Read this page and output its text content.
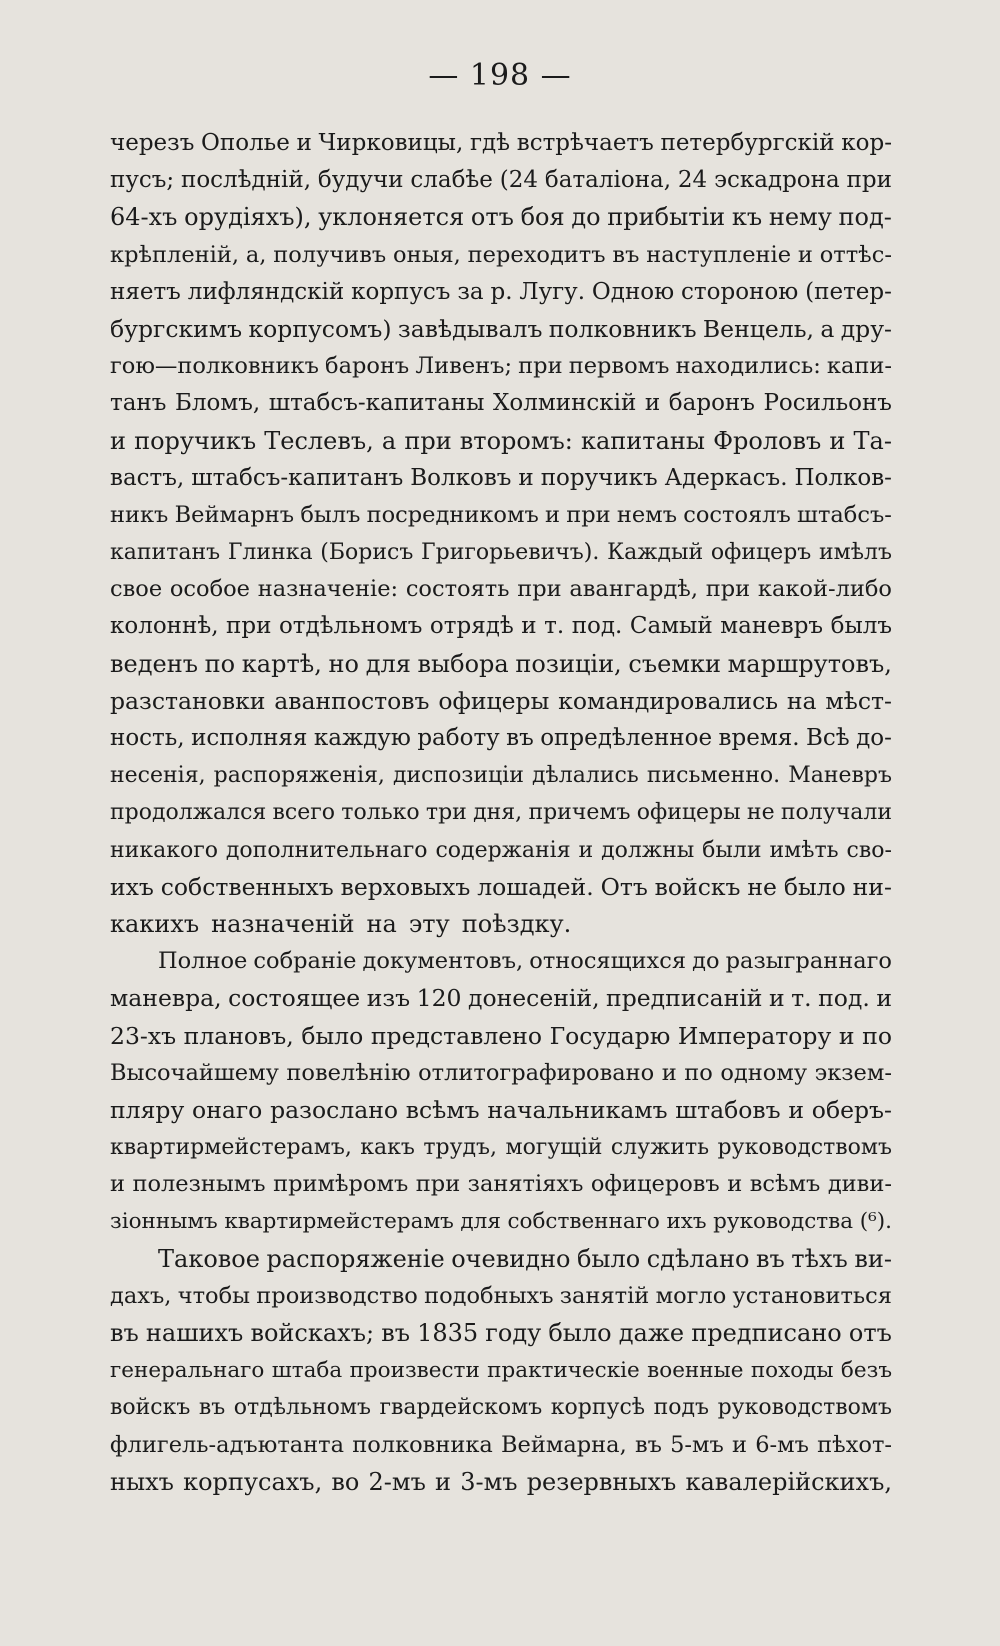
— 198 —
черезъ Ополье и Чирковицы, гдѣ встрѣчаетъ петербургскій кор-
пусъ; послѣдній, будучи слабѣе (24 баталіона, 24 эскадрона при
64-хъ орудіяхъ), уклоняется отъ боя до прибытіи къ нему под-
крѣпленій, а, получивъ оныя, переходитъ въ наступленіе и оттѣс-
няетъ лифляндскій корпусъ за р. Лугу. Одною стороною (петер-
бургскимъ корпусомъ) завѣдывалъ полковникъ Венцель, а дру-
гою—полковникъ баронъ Ливенъ; при первомъ находились: капи-
танъ Бломъ, штабсъ-капитаны Холминскій и баронъ Росильонъ
и поручикъ Теслевъ, а при второмъ: капитаны Фроловъ и Та-
вастъ, штабсъ-капитанъ Волковъ и поручикъ Адеркасъ. Полков-
никъ Веймарнъ былъ посредникомъ и при немъ состоялъ штабсъ-
капитанъ Глинка (Борисъ Григорьевичъ). Каждый офицеръ имѣлъ
свое особое назначеніе: состоять при авангардѣ, при какой-либо
колоннѣ, при отдѣльномъ отрядѣ и т. под. Самый маневръ былъ
веденъ по картѣ, но для выбора позиціи, съемки маршрутовъ,
разстановки аванпостовъ офицеры командировались на мѣст-
ность, исполняя каждую работу въ опредѣленное время. Всѣ до-
несенія, распоряженія, диспозиціи дѣлались письменно. Маневръ
продолжался всего только три дня, причемъ офицеры не получали
никакого дополнительнаго содержанія и должны были имѣть сво-
ихъ собственныхъ верховыхъ лошадей. Отъ войскъ не было ни-
какихъ назначеній на эту поѣздку.
Полное собраніе документовъ, относящихся до разыграннаго
маневра, состоящее изъ 120 донесеній, предписаній и т. под. и
23-хъ плановъ, было представлено Государю Императору и по
Высочайшему повелѣнію отлитографировано и по одному экзем-
пляру онаго разослано всѣмъ начальникамъ штабовъ и оберъ-
квартирмейстерамъ, какъ трудъ, могущій служить руководствомъ
и полезнымъ примѣромъ при занятіяхъ офицеровъ и всѣмъ диви-
зіоннымъ квартирмейстерамъ для собственнаго ихъ руководства (⁶).
Таковое распоряженіе очевидно было сдѣлано въ тѣхъ ви-
дахъ, чтобы производство подобныхъ занятій могло установиться
въ нашихъ войскахъ; въ 1835 году было даже предписано отъ
генеральнаго штаба произвести практическіе военные походы безъ
войскъ въ отдѣльномъ гвардейскомъ корпусѣ подъ руководствомъ
флигель-адъютанта полковника Веймарна, въ 5-мъ и 6-мъ пѣхот-
ныхъ корпусахъ, во 2-мъ и 3-мъ резервныхъ кавалерійскихъ,
